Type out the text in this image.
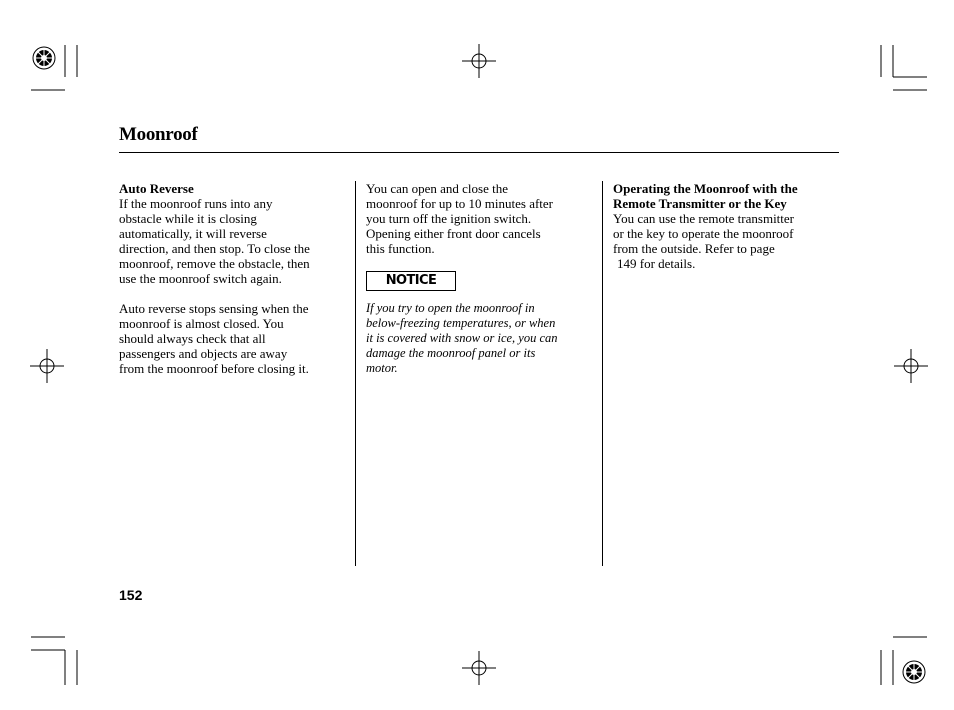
Moonroof

Auto Reverse

If the moonroof runs into any

obstacle while it is closing

automatically, it will reverse

direction, and then stop. To close the

moonroof, remove the obstacle, then

use the moonroof switch again.

Auto reverse stops sensing when the

moonroof is almost closed. You

should always check that all

passengers and objects are away

from the moonroof before closing it.

You can open and close the

moonroof for up to 10 minutes after

you turn off the ignition switch.

Opening either front door cancels

this function.

NOTICE

If you try to open the moonroof in

below-freezing temperatures, or when

it is covered with snow or ice, you can

damage the moonroof panel or its

motor.

Operating the Moonroof with the

Remote Transmitter or the Key

You can use the remote transmitter

or the key to operate the moonroof

from the outside. Refer to page

149 for details.

152
